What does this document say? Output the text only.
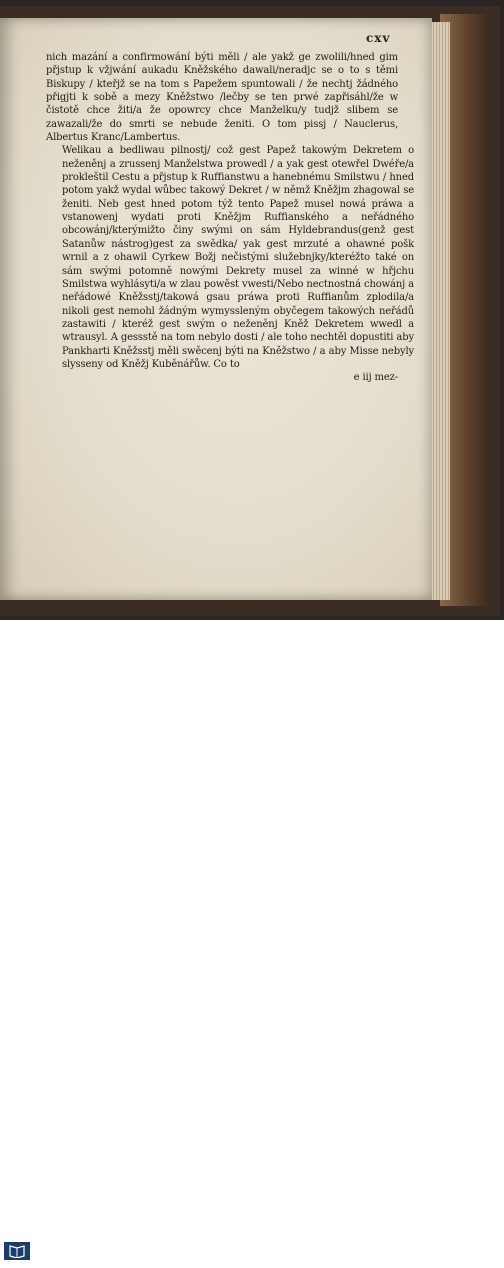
cxv
nich mazání a confirmowání býti měli / ale yakž ge zwolili/hned gim přjstup k vžjwání aukadu Kněžského dawali/neradjc se o to s těmi Biskupy / kteřjž se na tom s Papežem spuntowali / že nechtj žádného přigjti k sobě a mezy Kněžstwo /lečby se ten prwé zapřisáhl/že w čistotě chce žiti/a že opowrcy chce Manželku/y tudjž slibem se zawazali/že do smrti se nebude ženiti. O tom pissj / Nauclerus, Albertus Kranc/Lambertus.
Welikau a bedliwau pilnostj/ což gest Papež takowým Dekretem o neženěnj a zrussenj Manželstwa prowedl / a yak gest otewřel Dwéře/a prokleštil Cestu a přjstup k Ruffianstwu a hanebnému Smilstwu / hned potom yakž wydal wůbec takowý Dekret / w němž Kněžjm zhagowal se ženiti. Neb gest hned potom týž tento Papež musel nowá práwa a vstanowenj wydati proti Kněžjm Ruffianského a neřádného obcowánj/kterýmižto činy swými on sám Hyldebrandus(genž gest Satanůw nástrog)gest za swědka/ yak gest mrzuté a ohawné pošk wrnil a z ohawil Cyrkew Božj nečistými služebnjky/kteréžto také on sám swými potomně nowými Dekrety musel za winné w hřjchu Smilstwa wyhlásyti/a w zlau powěst vwesti/Nebo nectnostná chowánj a neřádowé Kněžsstj/takowá gsau práwa proti Ruffianům zplodila/a nikoli gest nemohl žádným wymyssleným obyčegem takowých neřádů zastawiti / kteréž gest swým o neženěnj Kněž Dekretem wwedl a wtrausyl. A gessstě na tom nebylo dosti / ale toho nechtěl dopustiti aby Pankharti Kněžsstj měli swěcenj býti na Kněžstwo / a aby Misse nebyly slysseny od Kněžj Kuběnářůw. Co to
e iij mez-
